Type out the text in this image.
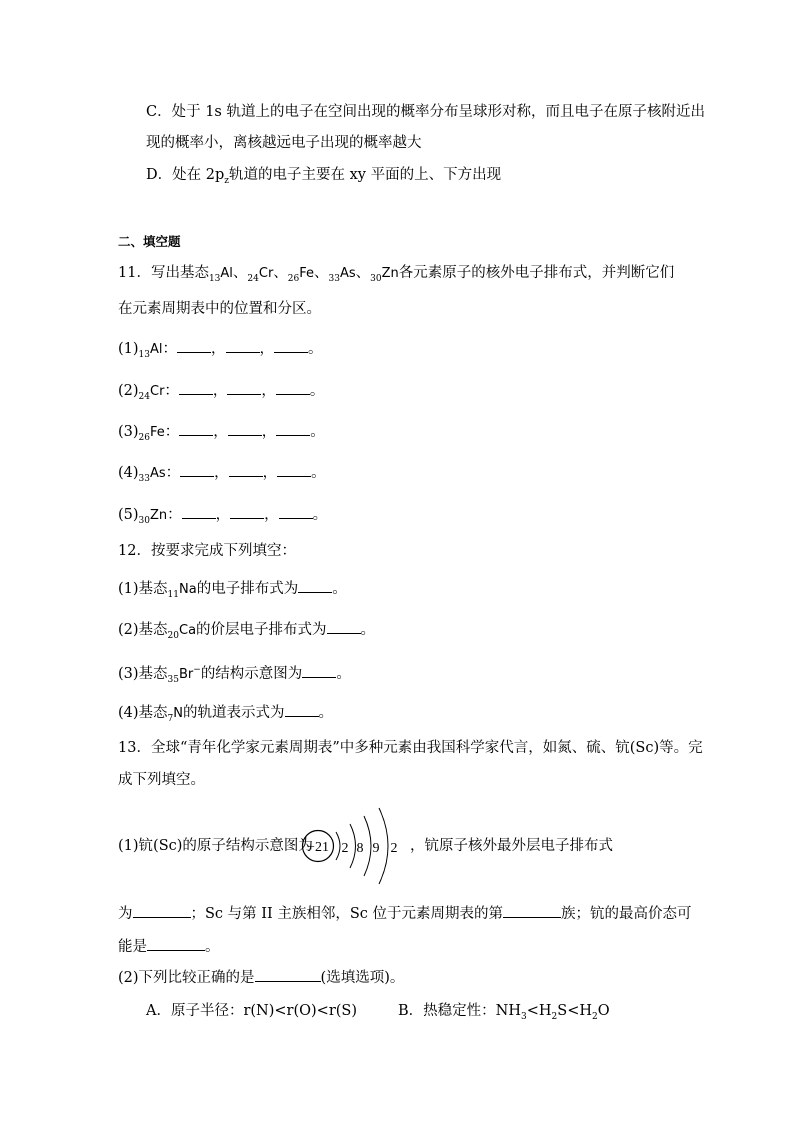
C．处于 1s 轨道上的电子在空间出现的概率分布呈球形对称，而且电子在原子核附近出
现的概率小，离核越远电子出现的概率越大
D．处在 $2p_z$轨道的电子主要在 xy 平面的上、下方出现
二、填空题
11．写出基态$_{13}$Al、$_{24}$Cr、$_{26}$Fe、$_{33}$As、$_{30}$Zn各元素原子的核外电子排布式，并判断它们
在元素周期表中的位置和分区。
$(1)_{13}Al$： ， ， 。
$(2)_{24}Cr$： ， ， 。
$(3)_{26}Fe$： ， ， 。
$(4)_{33}As$： ， ， 。
$(5)_{30}Zn$： ， ， 。
12．按要求完成下列填空：
(1)基态$_{11}$Na的电子排布式为 。
(2)基态$_{20}$Ca的价层电子排布式为 。
(3)基态$_{35}$Br−的结构示意图为 。
(4)基态$_7$N的轨道表示式为 。
13．全球“青年化学家元素周期表”中多种元素由我国科学家代言，如氮、硫、钪(Sc)等。完
成下列填空。
(1)钪(Sc)的原子结构示意图为
+21 2 8 9 2 ，钪原子核外最外层电子排布式
为	；Sc 与第 II 主族相邻，Sc 位于元素周期表的第	族；钪的最高价态可
能是	。
(2)下列比较正确的是	(选填选项)。
A．原子半径：r(N)<r(O)<r(S)	B．热稳定性：$NH_3<H_2S<H_2O$
